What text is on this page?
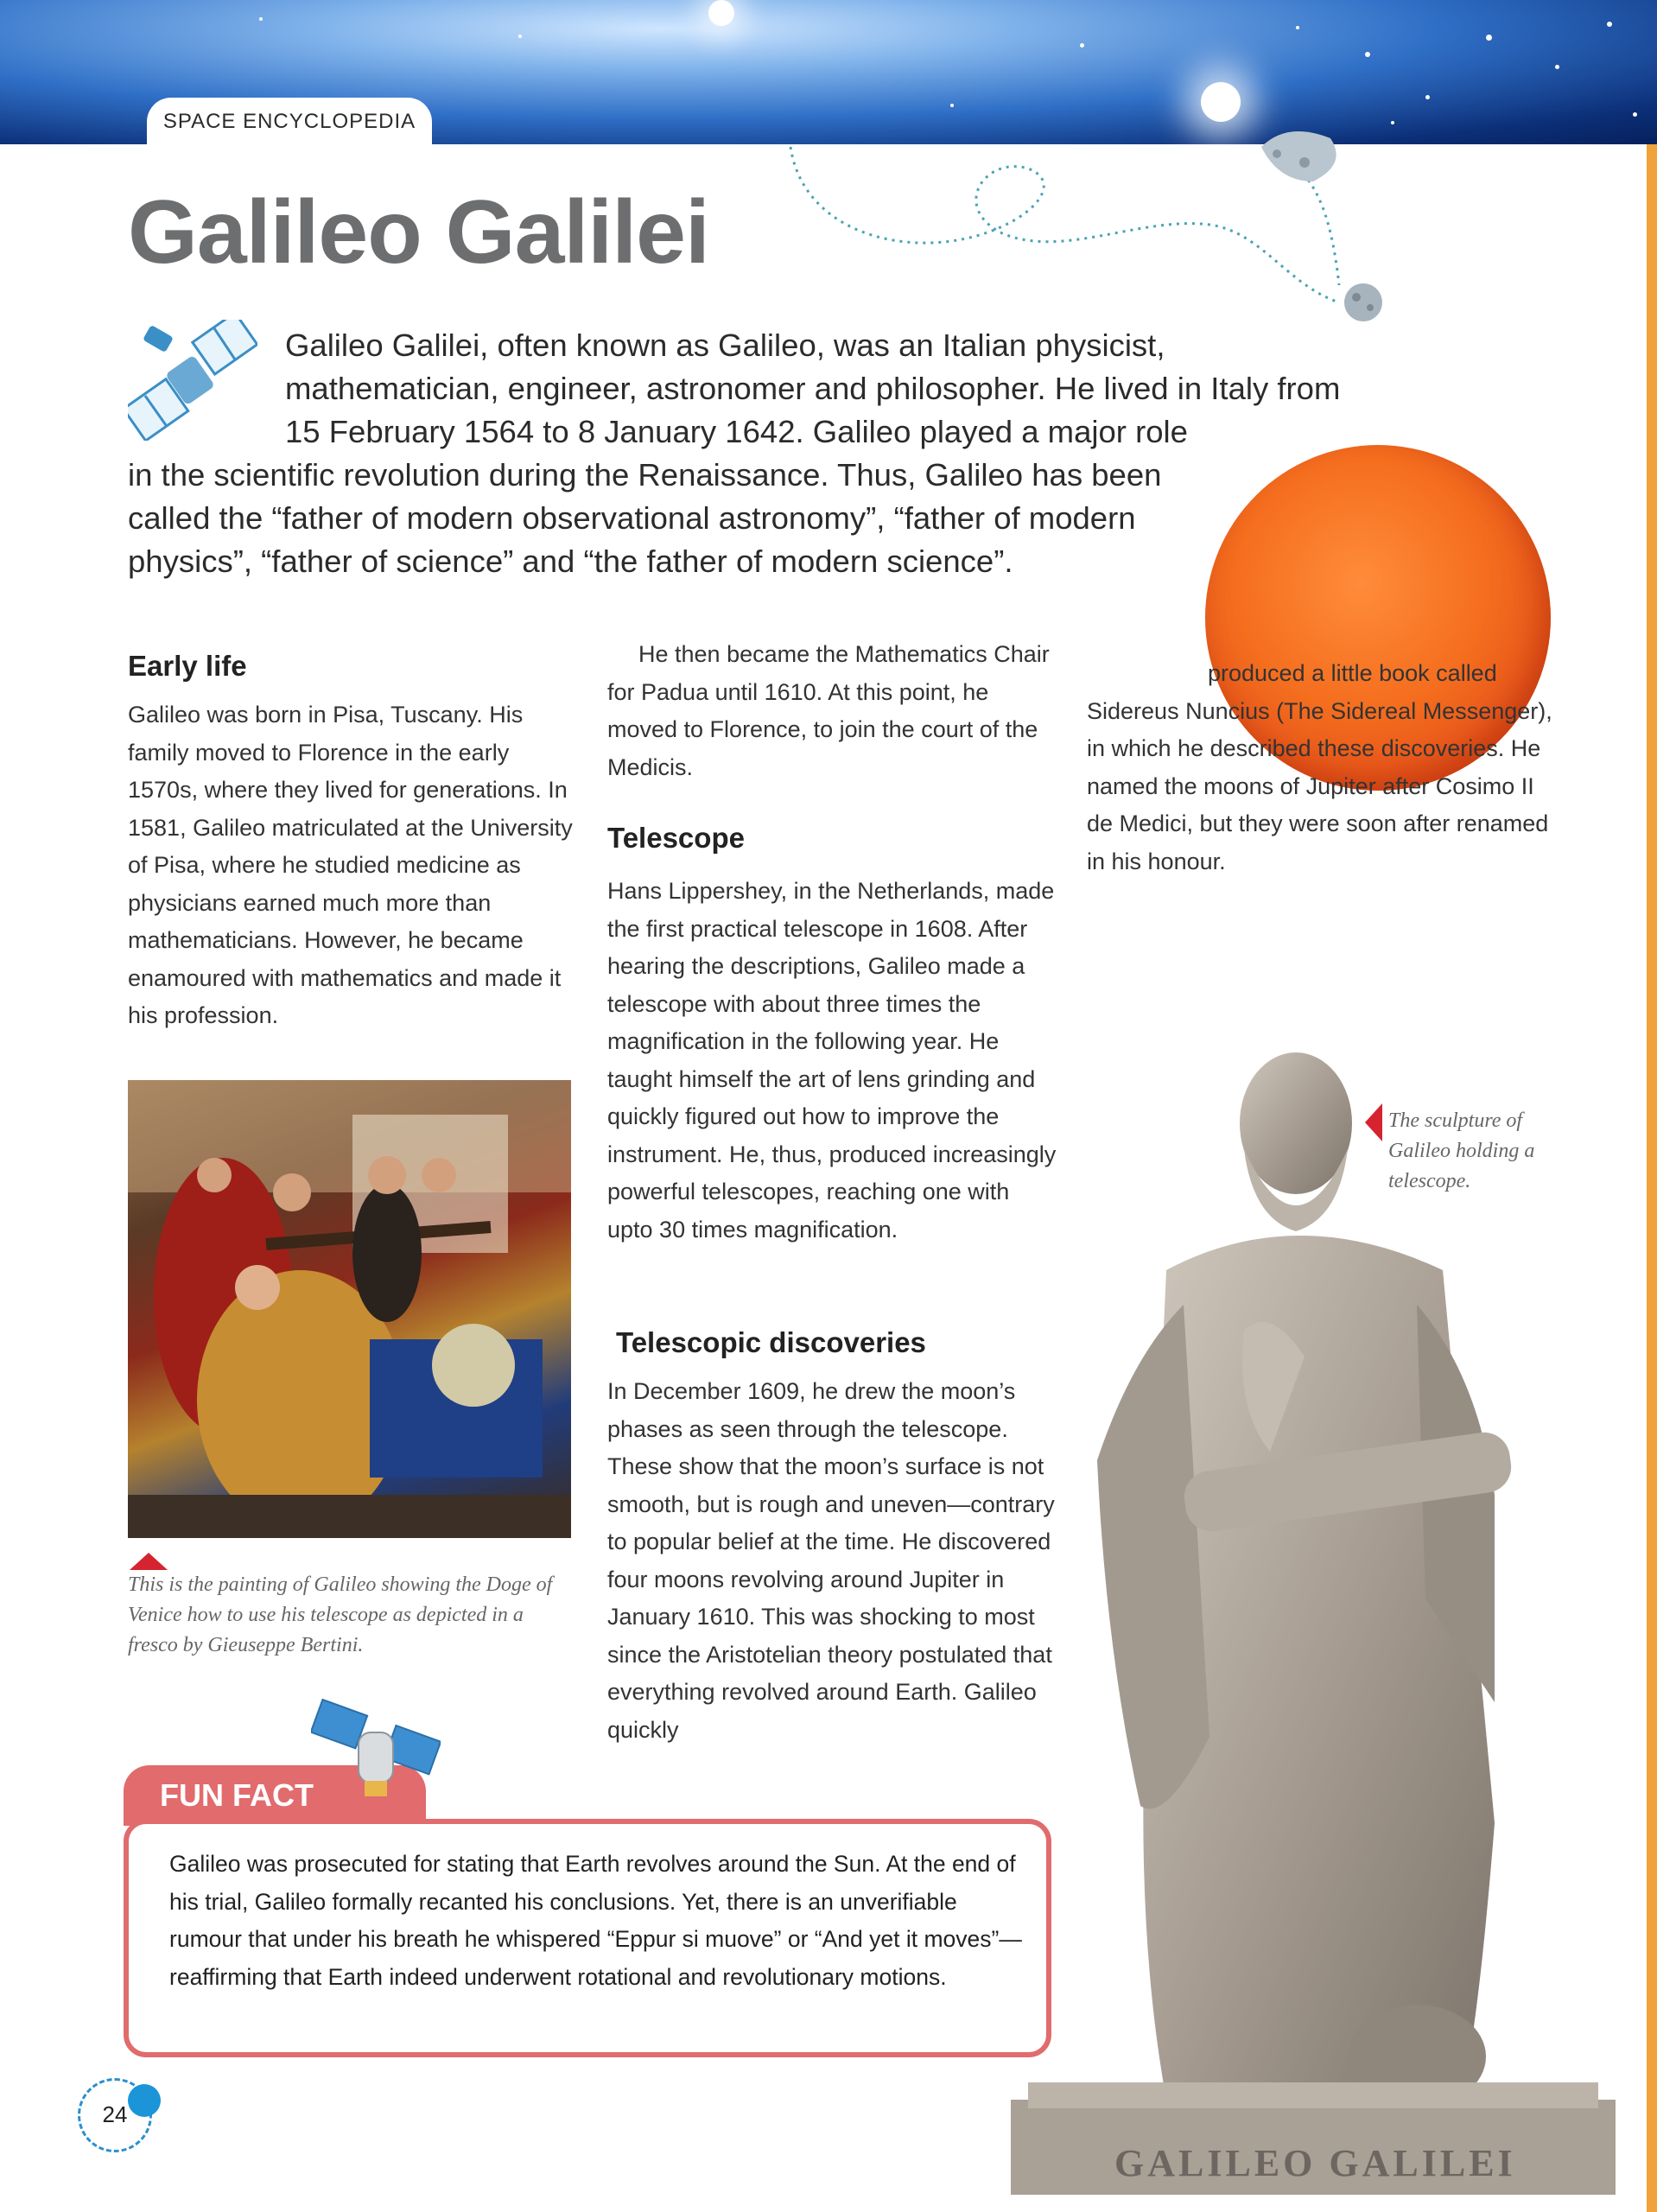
SPACE ENCYCLOPEDIA
Galileo Galilei
Galileo Galilei, often known as Galileo, was an Italian physicist, mathematician, engineer, astronomer and philosopher. He lived in Italy from 15 February 1564 to 8 January 1642. Galileo played a major role
in the scientific revolution during the Renaissance. Thus, Galileo has been called the “father of modern observational astronomy”, “father of modern physics”, “father of science” and “the father of modern science”.
Early life
Galileo was born in Pisa, Tuscany. His family moved to Florence in the early 1570s, where they lived for generations. In 1581, Galileo matriculated at the University of Pisa, where he studied medicine as physicians earned much more than mathematicians. However, he became enamoured with mathematics and made it his profession.
This is the painting of Galileo showing the Doge of Venice how to use his telescope as depicted in a fresco by Gieuseppe Bertini.
He then became the Mathematics Chair for Padua until 1610. At this point, he moved to Florence, to join the court of the Medicis.
Telescope
Hans Lippershey, in the Netherlands, made the first practical telescope in 1608. After hearing the descriptions, Galileo made a telescope with about three times the magnification in the following year. He taught himself the art of lens grinding and quickly figured out how to improve the instrument. He, thus, produced increasingly powerful telescopes, reaching one with upto 30 times magnification.
Telescopic discoveries
In December 1609, he drew the moon’s phases as seen through the telescope. These show that the moon’s surface is not smooth, but is rough and uneven—contrary to popular belief at the time. He discovered four moons revolving around Jupiter in January 1610. This was shocking to most since the Aristotelian theory postulated that everything revolved around Earth. Galileo quickly
produced a little book called Sidereus Nuncius (The Sidereal Messenger), in which he described these discoveries. He named the moons of Jupiter after Cosimo II de Medici, but they were soon after renamed in his honour.
GALILEO GALILEI
The sculpture of Galileo holding a telescope.
FUN FACT
Galileo was prosecuted for stating that Earth revolves around the Sun. At the end of his trial, Galileo formally recanted his conclusions. Yet, there is an unverifiable rumour that under his breath he whispered “Eppur si muove” or “And yet it moves”—reaffirming that Earth indeed underwent rotational and revolutionary motions.
24
